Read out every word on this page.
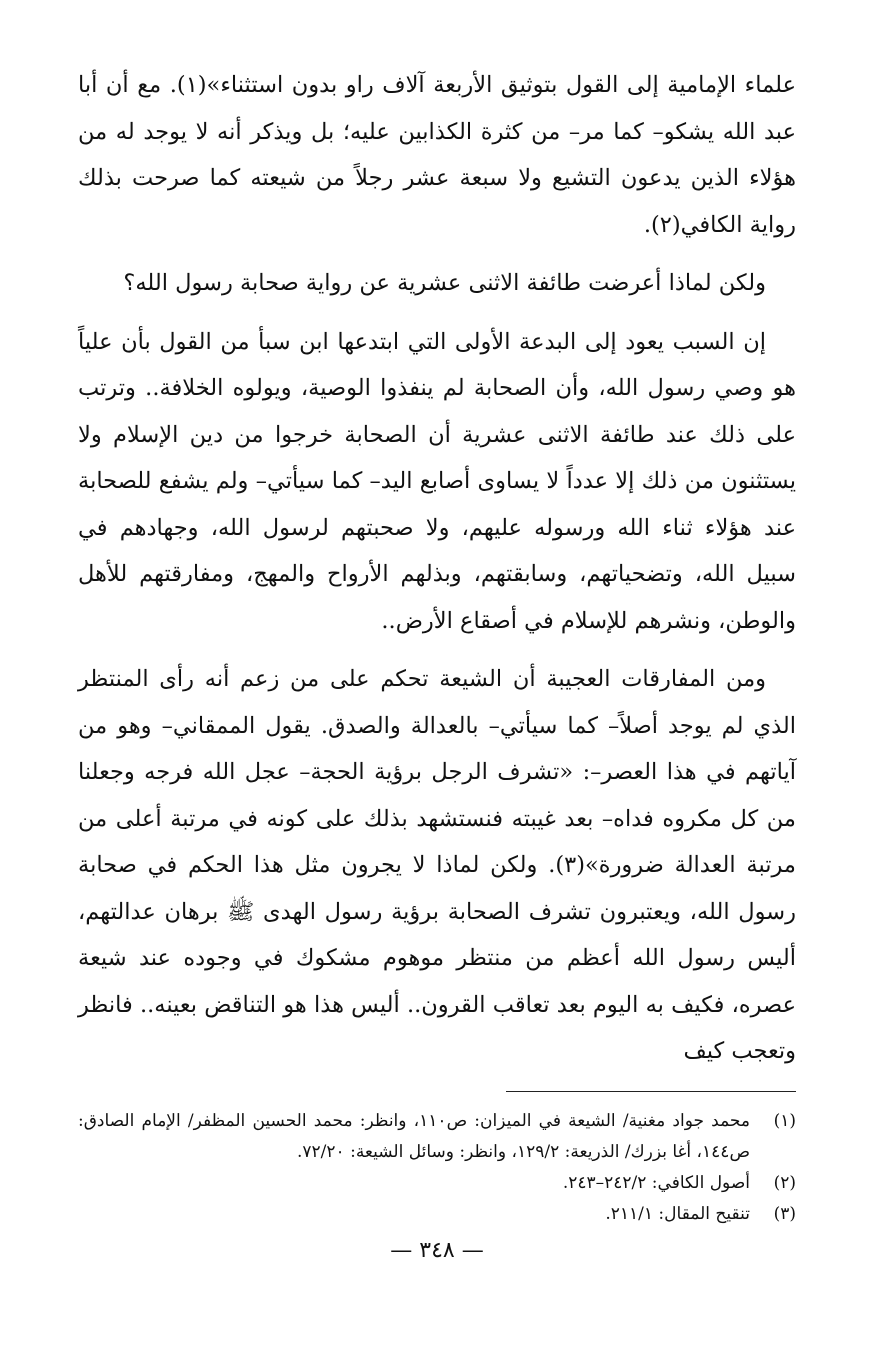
علماء الإمامية إلى القول بتوثيق الأربعة آلاف راو بدون استثناء»(١). مع أن أبا عبد الله يشكو– كما مر– من كثرة الكذابين عليه؛ بل ويذكر أنه لا يوجد له من هؤلاء الذين يدعون التشيع ولا سبعة عشر رجلاً من شيعته كما صرحت بذلك رواية الكافي(٢).

ولكن لماذا أعرضت طائفة الاثنى عشرية عن رواية صحابة رسول الله؟

إن السبب يعود إلى البدعة الأولى التي ابتدعها ابن سبأ من القول بأن علياً هو وصي رسول الله، وأن الصحابة لم ينفذوا الوصية، ويولوه الخلافة.. وترتب على ذلك عند طائفة الاثنى عشرية أن الصحابة خرجوا من دين الإسلام ولا يستثنون من ذلك إلا عدداً لا يساوى أصابع اليد– كما سيأتي– ولم يشفع للصحابة عند هؤلاء ثناء الله ورسوله عليهم، ولا صحبتهم لرسول الله، وجهادهم في سبيل الله، وتضحياتهم، وسابقتهم، وبذلهم الأرواح والمهج، ومفارقتهم للأهل والوطن، ونشرهم للإسلام في أصقاع الأرض..

ومن المفارقات العجيبة أن الشيعة تحكم على من زعم أنه رأى المنتظر الذي لم يوجد أصلاً– كما سيأتي– بالعدالة والصدق. يقول الممقاني– وهو من آياتهم في هذا العصر–: «تشرف الرجل برؤية الحجة– عجل الله فرجه وجعلنا من كل مكروه فداه– بعد غيبته فنستشهد بذلك على كونه في مرتبة أعلى من مرتبة العدالة ضرورة»(٣). ولكن لماذا لا يجرون مثل هذا الحكم في صحابة رسول الله، ويعتبرون تشرف الصحابة برؤية رسول الهدى ﷺ برهان عدالتهم، أليس رسول الله أعظم من منتظر موهوم مشكوك في وجوده عند شيعة عصره، فكيف به اليوم بعد تعاقب القرون.. أليس هذا هو التناقض بعينه.. فانظر وتعجب كيف

(١)
محمد جواد مغنية/ الشيعة في الميزان: ص١١٠، وانظر: محمد الحسين المظفر/ الإمام الصادق: ص١٤٤، أغا بزرك/ الذريعة: ١٢٩/٢، وانظر: وسائل الشيعة: ٧٢/٢٠.
(٢)
أصول الكافي: ٢٤٢/٢–٢٤٣.
(٣)
تنقيح المقال: ٢١١/١.
— ٣٤٨ —
